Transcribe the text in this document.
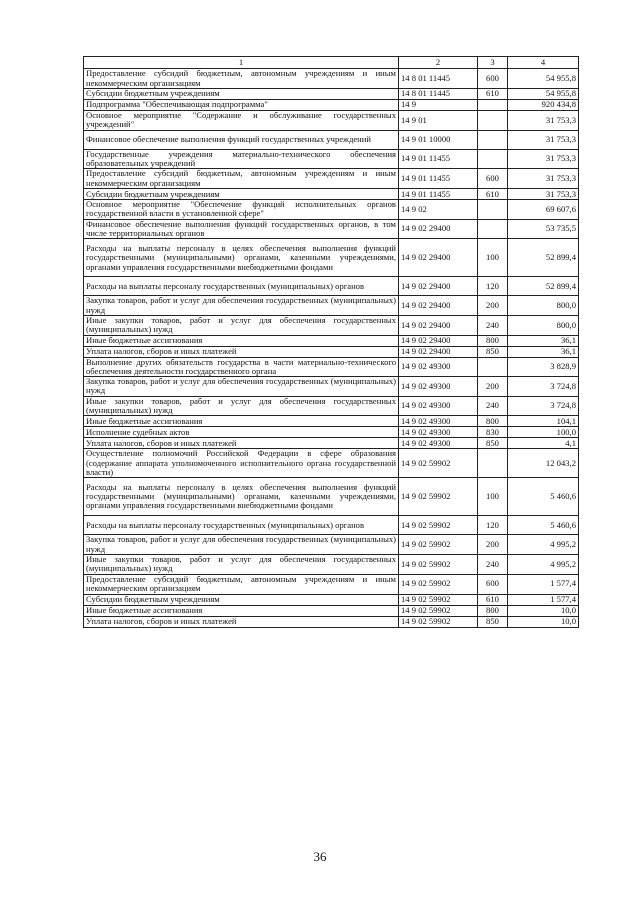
1	2	3	4
Предоставление субсидий бюджетным, автономным учреждениям и иным некоммерческим организациям	14 8 01 11445	600	54 955,8
Субсидии бюджетным учреждениям	14 8 01 11445	610	54 955,8
Подпрограмма "Обеспечивающая подпрограмма"	14 9		920 434,8
Основное мероприятие "Содержание и обслуживание государственных учреждений"	14 9 01		31 753,3
Финансовое обеспечение выполнения функций государственных учреждений	14 9 01 10000		31 753,3
Государственные учреждения материально-технического обеспечения образовательных учреждений	14 9 01 11455		31 753,3
Предоставление субсидий бюджетным, автономным учреждениям и иным некоммерческим организациям	14 9 01 11455	600	31 753,3
Субсидии бюджетным учреждениям	14 9 01 11455	610	31 753,3
Основное мероприятие "Обеспечение функций исполнительных органов государственной власти в установленной сфере"	14 9 02		69 607,6
Финансовое обеспечение выполнения функций государственных органов, в том числе территориальных органов	14 9 02 29400		53 735,5
Расходы на выплаты персоналу в целях обеспечения выполнения функций государственными (муниципальными) органами, казенными учреждениями, органами управления государственными внебюджетными фондами	14 9 02 29400	100	52 899,4
Расходы на выплаты персоналу государственных (муниципальных) органов	14 9 02 29400	120	52 899,4
Закупка товаров, работ и услуг для обеспечения государственных (муниципальных) нужд	14 9 02 29400	200	800,0
Иные закупки товаров, работ и услуг для обеспечения государственных (муниципальных) нужд	14 9 02 29400	240	800,0
Иные бюджетные ассигнования	14 9 02 29400	800	36,1
Уплата налогов, сборов и иных платежей	14 9 02 29400	850	36,1
Выполнение других обязательств государства в части материально-технического обеспечения деятельности государственного органа	14 9 02 49300		3 828,9
Закупка товаров, работ и услуг для обеспечения государственных (муниципальных) нужд	14 9 02 49300	200	3 724,8
Иные закупки товаров, работ и услуг для обеспечения государственных (муниципальных) нужд	14 9 02 49300	240	3 724,8
Иные бюджетные ассигнования	14 9 02 49300	800	104,1
Исполнение судебных актов	14 9 02 49300	830	100,0
Уплата налогов, сборов и иных платежей	14 9 02 49300	850	4,1
Осуществление полномочий Российской Федерации в сфере образования (содержание аппарата уполномоченного исполнительного органа государственной власти)	14 9 02 59902		12 043,2
Расходы на выплаты персоналу в целях обеспечения выполнения функций государственными (муниципальными) органами, казенными учреждениями, органами управления государственными внебюджетными фондами	14 9 02 59902	100	5 460,6
Расходы на выплаты персоналу государственных (муниципальных) органов	14 9 02 59902	120	5 460,6
Закупка товаров, работ и услуг для обеспечения государственных (муниципальных) нужд	14 9 02 59902	200	4 995,2
Иные закупки товаров, работ и услуг для обеспечения государственных (муниципальных) нужд	14 9 02 59902	240	4 995,2
Предоставление субсидий бюджетным, автономным учреждениям и иным некоммерческим организациям	14 9 02 59902	600	1 577,4
Субсидии бюджетным учреждениям	14 9 02 59902	610	1 577,4
Иные бюджетные ассигнования	14 9 02 59902	800	10,0
Уплата налогов, сборов и иных платежей	14 9 02 59902	850	10,0
36
